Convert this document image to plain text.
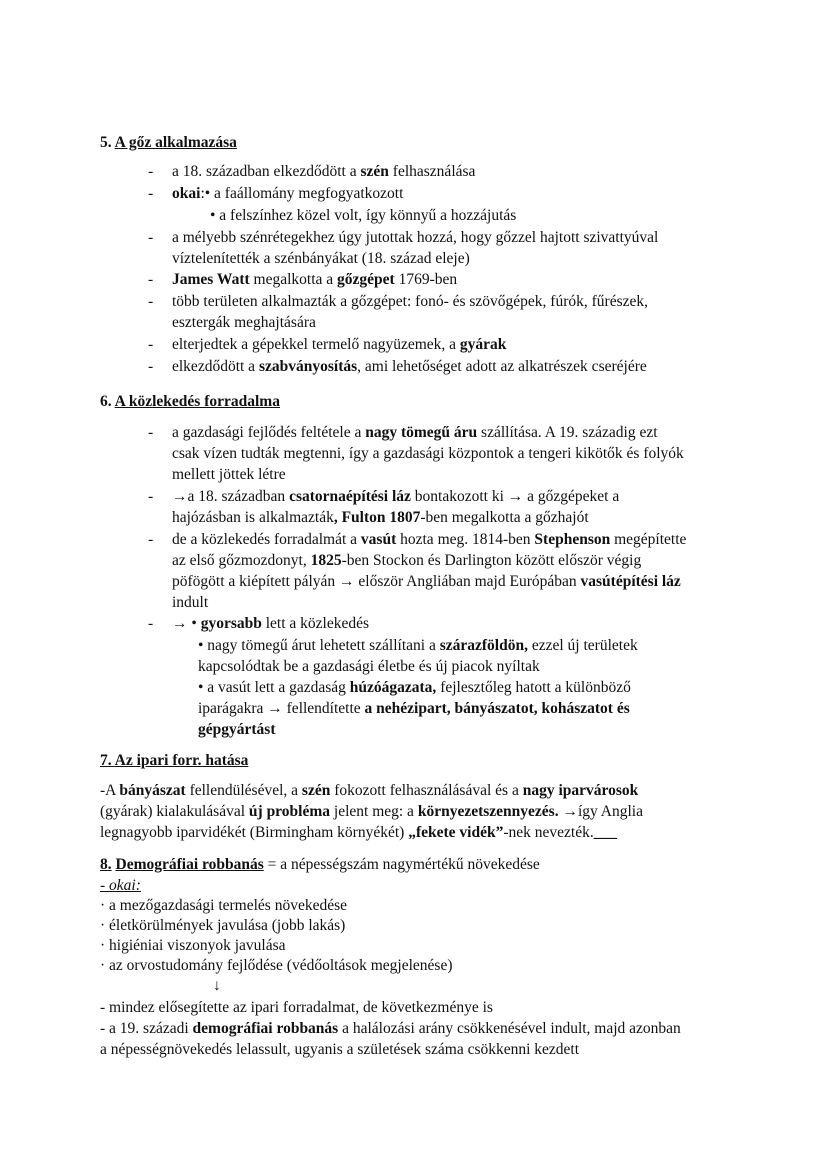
5. A gőz alkalmazása
- a 18. században elkezdődött a szén felhasználása
- okai:• a faállomány megfogyatkozott
• a felszínhez közel volt, így könnyű a hozzájutás
- a mélyebb szénrétegekhez úgy jutottak hozzá, hogy gőzzel hajtott szivattyúval
víztelenítették a szénbányákat (18. század eleje)
- James Watt megalkotta a gőzgépet 1769-ben
- több területen alkalmazták a gőzgépet: fonó- és szövőgépek, fúrók, fűrészek,
esztergák meghajtására
- elterjedtek a gépekkel termelő nagyüzemek, a gyárak
- elkezdődött a szabványosítás, ami lehetőséget adott az alkatrészek cseréjére
6. A közlekedés forradalma
- a gazdasági fejlődés feltétele a nagy tömegű áru szállítása. A 19. századig ezt
csak vízen tudták megtenni, így a gazdasági központok a tengeri kikötők és folyók
mellett jöttek létre
- →a 18. században csatornaépítési láz bontakozott ki → a gőzgépeket a
hajózásban is alkalmazták, Fulton 1807-ben megalkotta a gőzhajót
- de a közlekedés forradalmát a vasút hozta meg. 1814-ben Stephenson megépítette
az első gőzmozdonyt, 1825-ben Stockon és Darlington között először végig
pöfögött a kiépített pályán → először Angliában majd Európában vasútépítési láz
indult
- → • gyorsabb lett a közlekedés
• nagy tömegű árut lehetett szállítani a szárazföldön, ezzel új területek
kapcsolódtak be a gazdasági életbe és új piacok nyíltak
• a vasút lett a gazdaság húzóágazata, fejlesztőleg hatott a különböző
iparágakra → fellendítette a nehézipart, bányászatot, kohászatot és
gépgyártást
7. Az ipari forr. hatása
-A bányászat fellendülésével, a szén fokozott felhasználásával és a nagy iparvárosok
(gyárak) kialakulásával új probléma jelent meg: a környezetszennyezés. →így Anglia
legnagyobb iparvidékét (Birmingham környékét) „fekete vidék”-nek nevezték.___
8. Demográfiai robbanás = a népességszám nagymértékű növekedése
- okai:
· a mezőgazdasági termelés növekedése
· életkörülmények javulása (jobb lakás)
· higiéniai viszonyok javulása
· az orvostudomány fejlődése (védőoltások megjelenése)
↓
- mindez elősegítette az ipari forradalmat, de következménye is
- a 19. századi demográfiai robbanás a halálozási arány csökkenésével indult, majd azonban
a népességnövekedés lelassult, ugyanis a születések száma csökkenni kezdett
